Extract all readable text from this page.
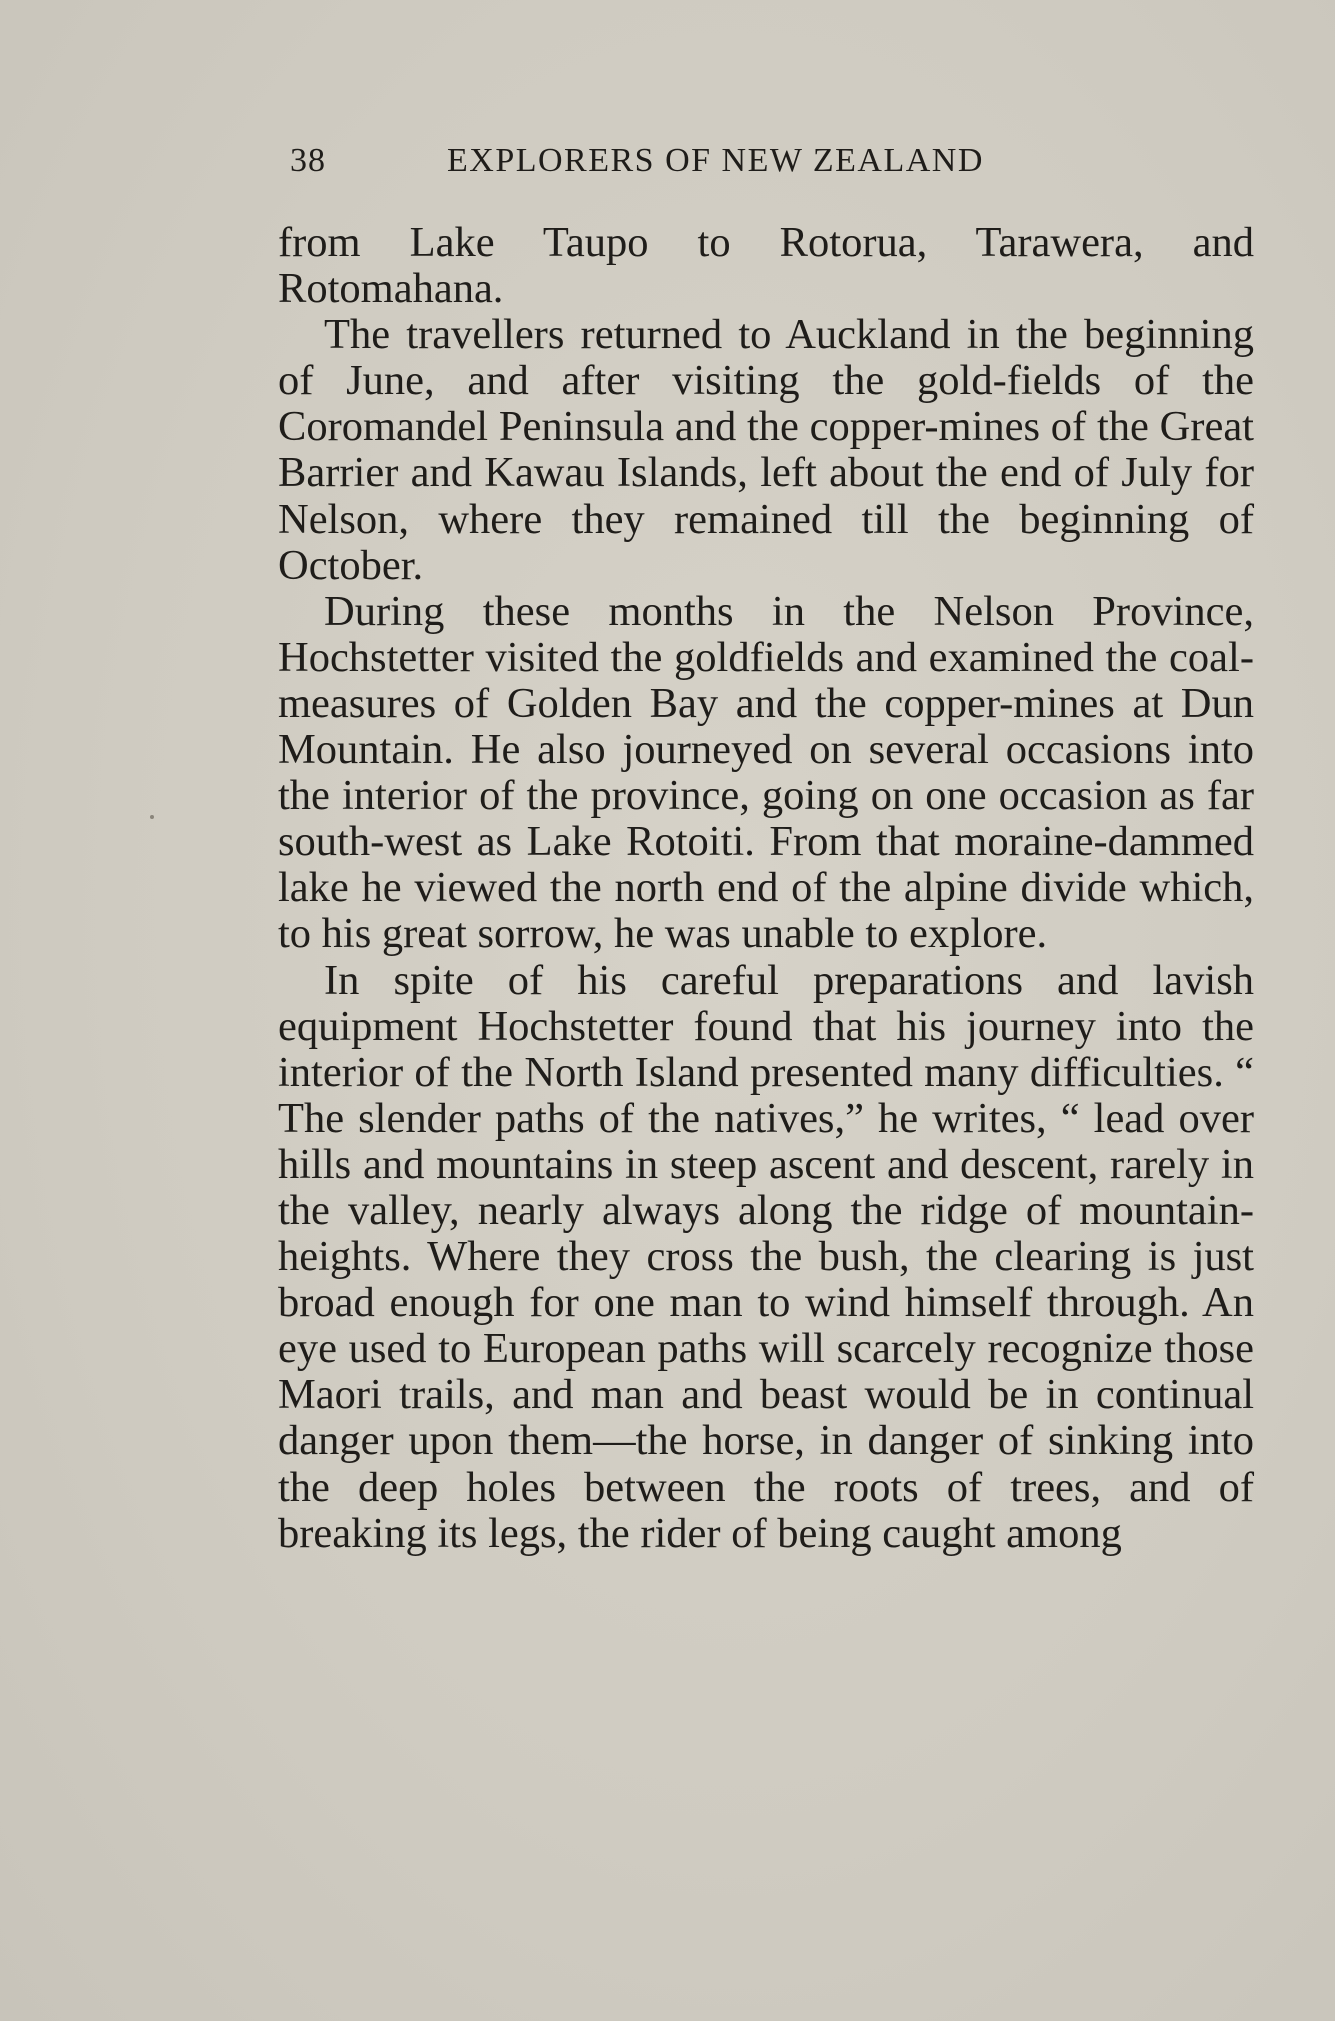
38	EXPLORERS OF NEW ZEALAND

from Lake Taupo to Rotorua, Tarawera, and Rotomahana.

The travellers returned to Auckland in the beginning of June, and after visiting the gold-fields of the Coromandel Peninsula and the copper-mines of the Great Barrier and Kawau Islands, left about the end of July for Nelson, where they remained till the beginning of October.

During these months in the Nelson Province, Hochstetter visited the goldfields and examined the coal-measures of Golden Bay and the copper-mines at Dun Mountain. He also journeyed on several occasions into the interior of the province, going on one occasion as far south-west as Lake Rotoiti. From that moraine-dammed lake he viewed the north end of the alpine divide which, to his great sorrow, he was unable to explore.

In spite of his careful preparations and lavish equipment Hochstetter found that his journey into the interior of the North Island presented many difficulties. “ The slender paths of the natives,” he writes, “ lead over hills and mountains in steep ascent and descent, rarely in the valley, nearly always along the ridge of mountain-heights. Where they cross the bush, the clearing is just broad enough for one man to wind himself through. An eye used to European paths will scarcely recognize those Maori trails, and man and beast would be in continual danger upon them—the horse, in danger of sinking into the deep holes between the roots of trees, and of breaking its legs, the rider of being caught among
